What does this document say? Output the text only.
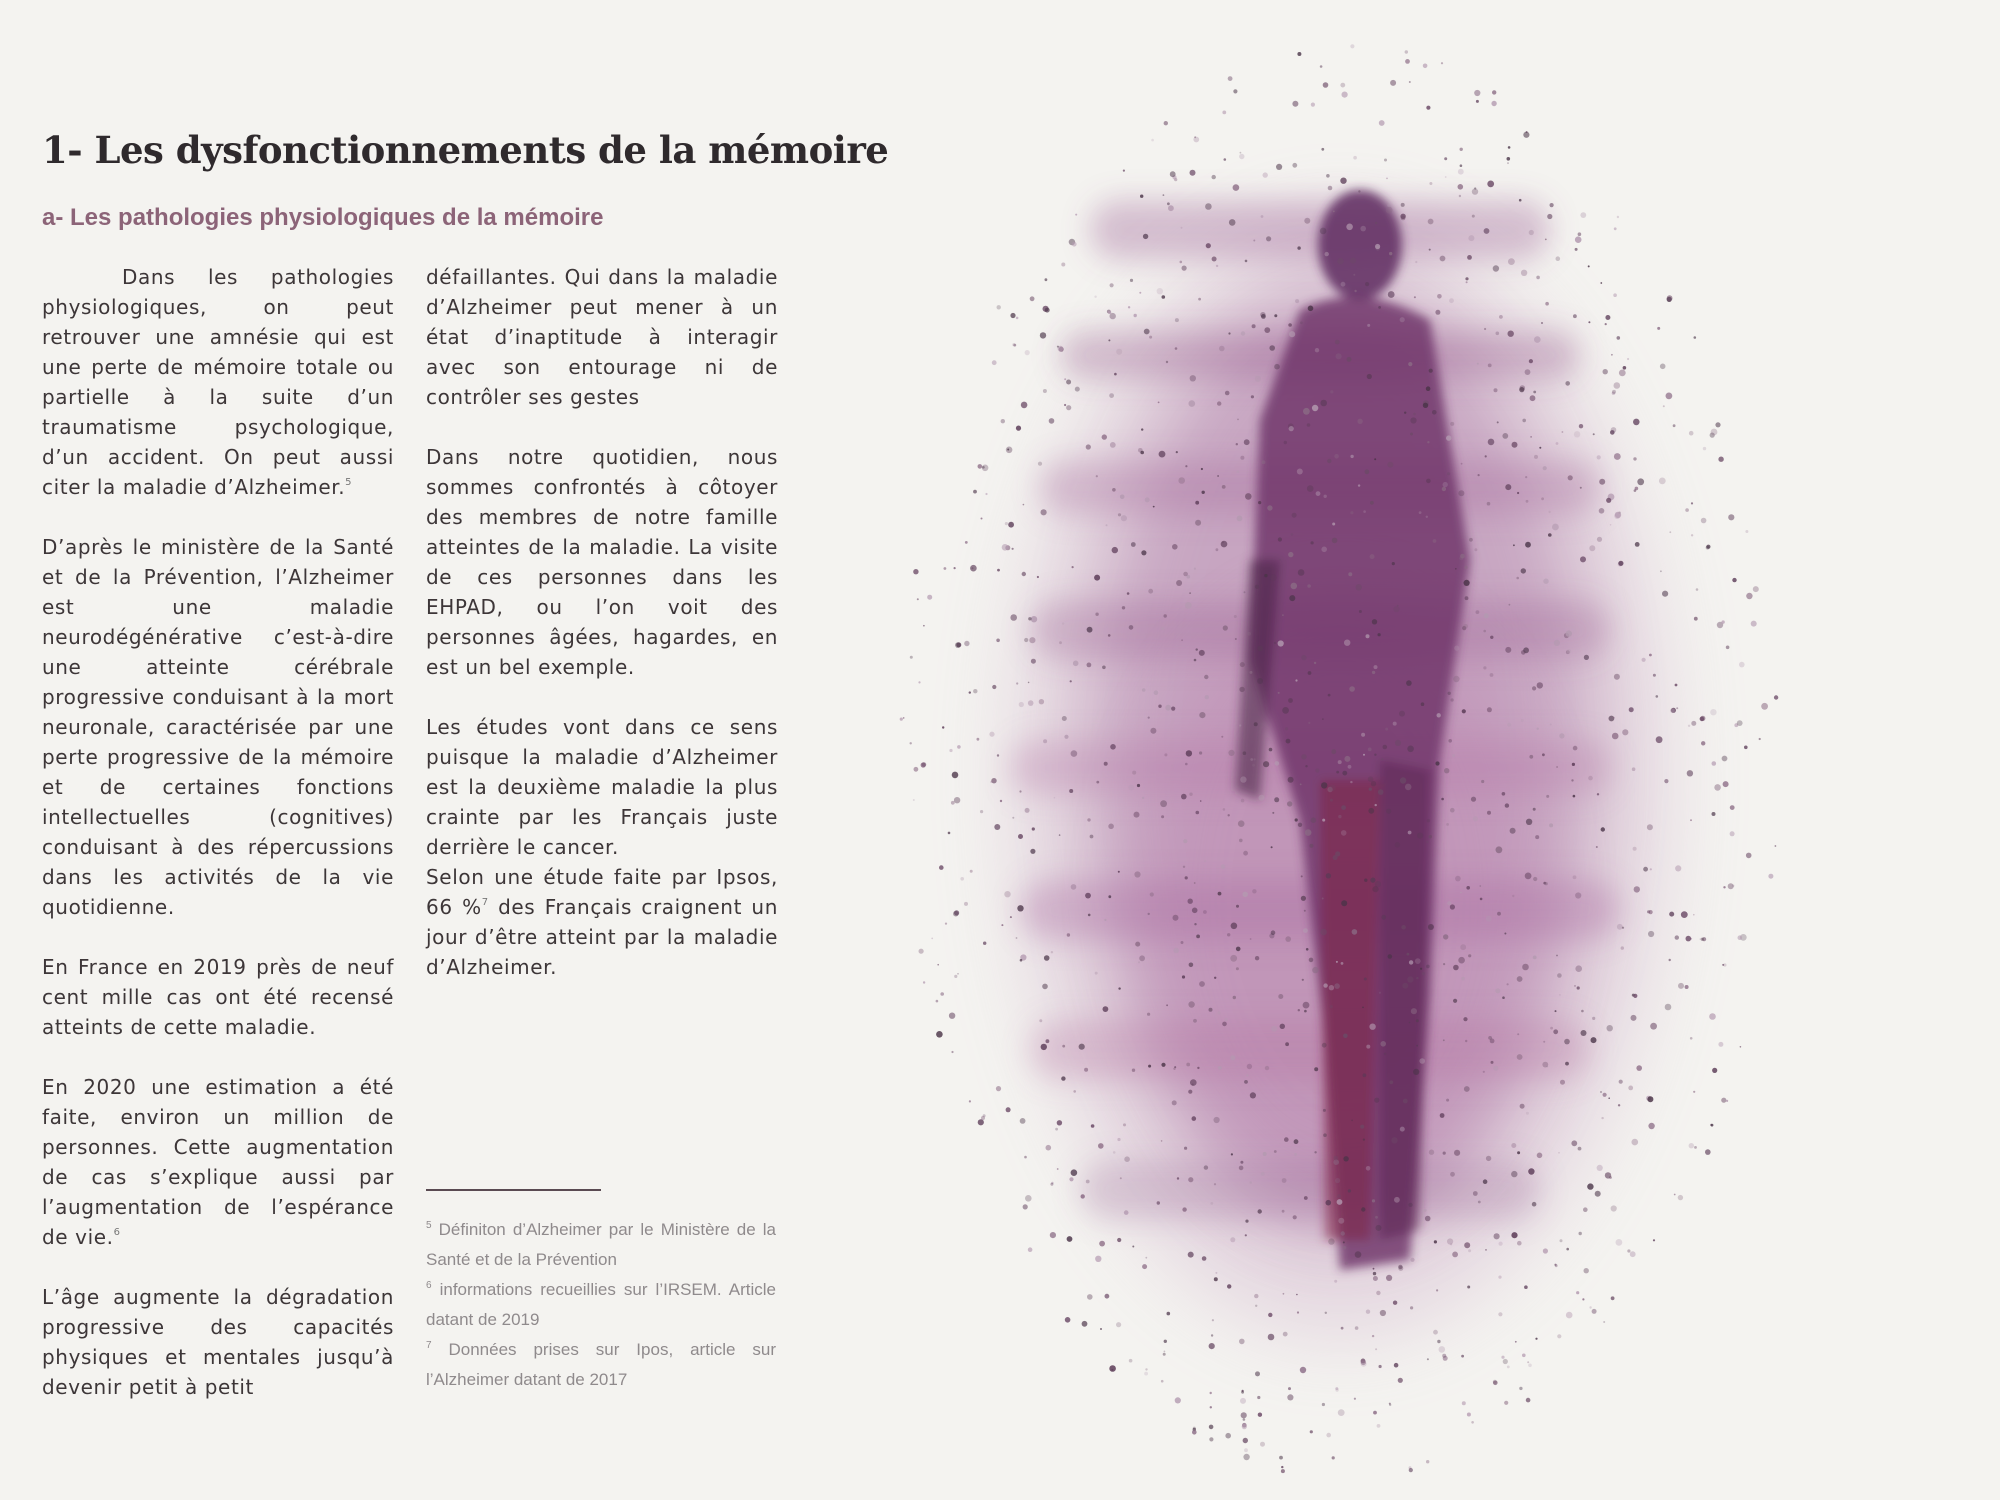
1- Les dysfonctionnements de la mémoire
a- Les pathologies physiologiques de la mémoire

Dans les pathologies physiologiques, on peut retrouver une amnésie qui est une perte de mémoire totale ou partielle à la suite d’un traumatisme psychologique, d’un accident. On peut aussi citer la maladie d’Alzheimer.$^5$

D’après le ministère de la Santé et de la Prévention, l’Alzheimer est une maladie neurodégénérative c’est-à-dire une atteinte cérébrale progressive conduisant à la mort neuronale, caractérisée par une perte progressive de la mémoire et de certaines fonctions intellectuelles (cognitives) conduisant à des répercussions dans les activités de la vie quotidienne.

En France en 2019 près de neuf cent mille cas ont été recensé atteints de cette maladie.

En 2020 une estimation a été faite, environ un million de personnes. Cette augmentation de cas s’explique aussi par l’augmentation de l’espérance de vie.$^6$

L’âge augmente la dégradation progressive des capacités physiques et mentales jusqu’à devenir petit à petit

défaillantes. Qui dans la maladie d’Alzheimer peut mener à un état d’inaptitude à interagir avec son entourage ni de contrôler ses gestes

Dans notre quotidien, nous sommes confrontés à côtoyer des membres de notre famille atteintes de la maladie. La visite de ces personnes dans les EHPAD, ou l’on voit des personnes âgées, hagardes, en est un bel exemple.

Les études vont dans ce sens puisque la maladie d’Alzheimer est la deuxième maladie la plus crainte par les Français juste derrière le cancer.

Selon une étude faite par Ipsos, 66 %$^7$ des Français craignent un jour d’être atteint par la maladie d’Alzheimer.

$^5$ Définiton d’Alzheimer par le Ministère de la Santé et de la Prévention

$^6$ informations recueillies sur l’IRSEM. Article datant de 2019

$^7$ Données prises sur Ipos, article sur l’Alzheimer datant de 2017
